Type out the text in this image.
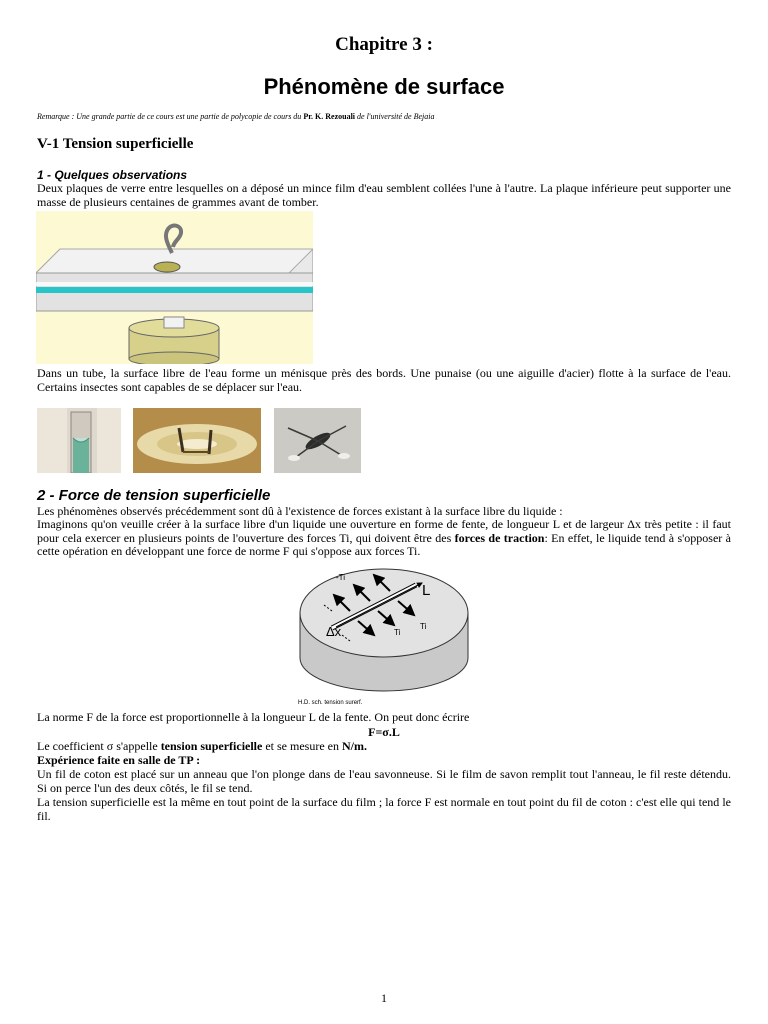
Chapitre 3 :
Phénomène de surface
Remarque : Une grande partie de ce cours est une partie de polycopie de cours du Pr. K. Rezouali de l'université de Bejaia
V-1 Tension superficielle
1 - Quelques observations
Deux plaques de verre entre lesquelles on a déposé un mince film d'eau semblent collées l'une à l'autre. La plaque inférieure peut supporter une masse de plusieurs centaines de grammes avant de tomber.
Dans un tube, la surface libre de l'eau forme un ménisque près des bords. Une punaise (ou une aiguille d'acier) flotte à la surface de l'eau. Certains insectes sont capables de se déplacer sur l'eau.
2 - Force de tension superficielle
Les phénomènes observés précédemment sont dû à l'existence de forces existant à la surface libre du liquide :
Imaginons qu'on veuille créer à la surface libre d'un liquide une ouverture en forme de fente, de longueur L et de largeur Δx très petite : il faut pour cela exercer en plusieurs points de l'ouverture des forces Ti, qui doivent être des forces de traction: En effet, le liquide tend à s'opposer à cette opération en développant une force de norme F qui s'oppose aux forces Ti.
L
Δx
-Ti
Ti
Ti
H.D. sch. tension surerf.
La norme F de la force est proportionnelle à la longueur L de la fente. On peut donc écrire
F=σ.L
Le coefficient σ s'appelle tension superficielle et se mesure en N/m.
Expérience faite en salle de TP :
Un fil de coton est placé sur un anneau que l'on plonge dans de l'eau savonneuse. Si le film de savon remplit tout l'anneau, le fil reste détendu. Si on perce l'un des deux côtés, le fil se tend.
La tension superficielle est la même en tout point de la surface du film ; la force F est normale en tout point du fil de coton : c'est elle qui tend le fil.
1
